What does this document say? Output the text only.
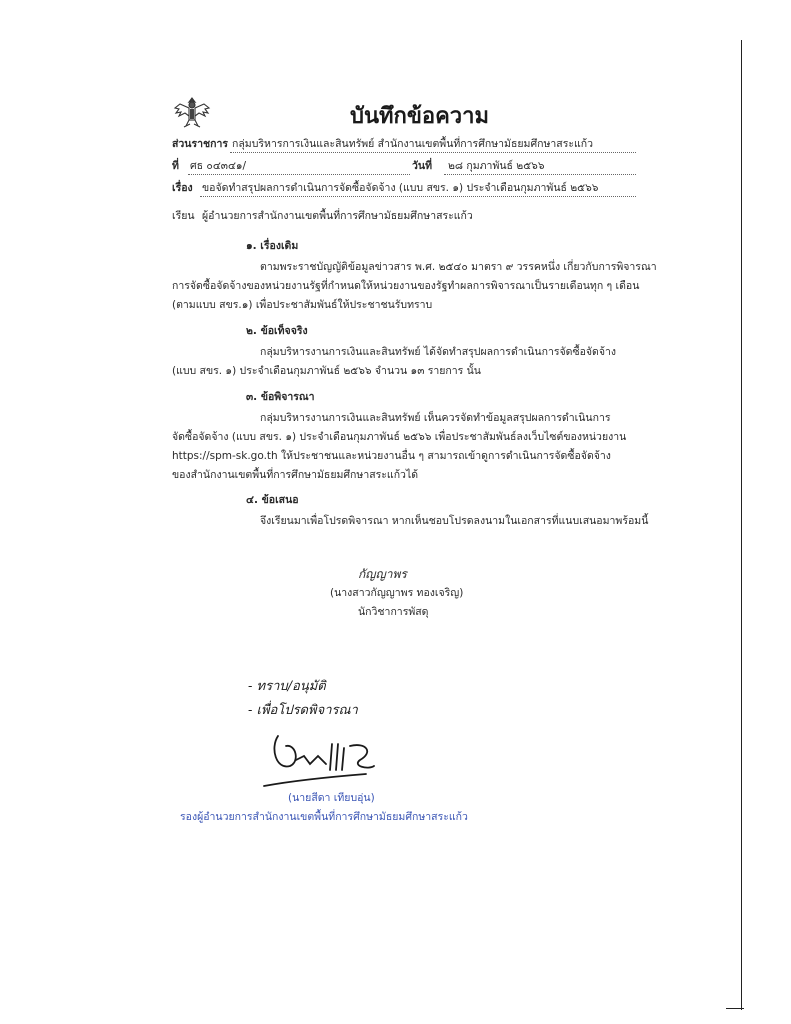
บันทึกข้อความ
ส่วนราชการ กลุ่มบริหารการเงินและสินทรัพย์ สำนักงานเขตพื้นที่การศึกษามัธยมศึกษาสระแก้ว
ที่ ศธ ๐๔๓๔๑/	วันที่ ๒๘ กุมภาพันธ์ ๒๕๖๖
เรื่อง ขอจัดทำสรุปผลการดำเนินการจัดซื้อจัดจ้าง (แบบ สขร. ๑) ประจำเดือนกุมภาพันธ์ ๒๕๖๖
เรียน ผู้อำนวยการสำนักงานเขตพื้นที่การศึกษามัธยมศึกษาสระแก้ว
๑. เรื่องเดิม
ตามพระราชบัญญัติข้อมูลข่าวสาร พ.ศ. ๒๕๔๐ มาตรา ๙ วรรคหนึ่ง เกี่ยวกับการพิจารณา
การจัดซื้อจัดจ้างของหน่วยงานรัฐที่กำหนดให้หน่วยงานของรัฐทำผลการพิจารณาเป็นรายเดือนทุก ๆ เดือน
(ตามแบบ สขร.๑) เพื่อประชาสัมพันธ์ให้ประชาชนรับทราบ
๒. ข้อเท็จจริง
กลุ่มบริหารงานการเงินและสินทรัพย์ ได้จัดทำสรุปผลการดำเนินการจัดซื้อจัดจ้าง
(แบบ สขร. ๑) ประจำเดือนกุมภาพันธ์ ๒๕๖๖ จำนวน ๑๓ รายการ นั้น
๓. ข้อพิจารณา
กลุ่มบริหารงานการเงินและสินทรัพย์ เห็นควรจัดทำข้อมูลสรุปผลการดำเนินการ
จัดซื้อจัดจ้าง (แบบ สขร. ๑) ประจำเดือนกุมภาพันธ์ ๒๕๖๖ เพื่อประชาสัมพันธ์ลงเว็บไซต์ของหน่วยงาน
https://spm-sk.go.th ให้ประชาชนและหน่วยงานอื่น ๆ สามารถเข้าดูการดำเนินการจัดซื้อจัดจ้าง
ของสำนักงานเขตพื้นที่การศึกษามัธยมศึกษาสระแก้วได้
๔. ข้อเสนอ
จึงเรียนมาเพื่อโปรดพิจารณา หากเห็นชอบโปรดลงนามในเอกสารที่แนบเสนอมาพร้อมนี้
กัญญาพร
(นางสาวกัญญาพร ทองเจริญ)
นักวิชาการพัสดุ
- ทราบ/อนุมัติ
- เพื่อโปรดพิจารณา
(นายสีดา เทียบอุ่น)
รองผู้อำนวยการสำนักงานเขตพื้นที่การศึกษามัธยมศึกษาสระแก้ว
